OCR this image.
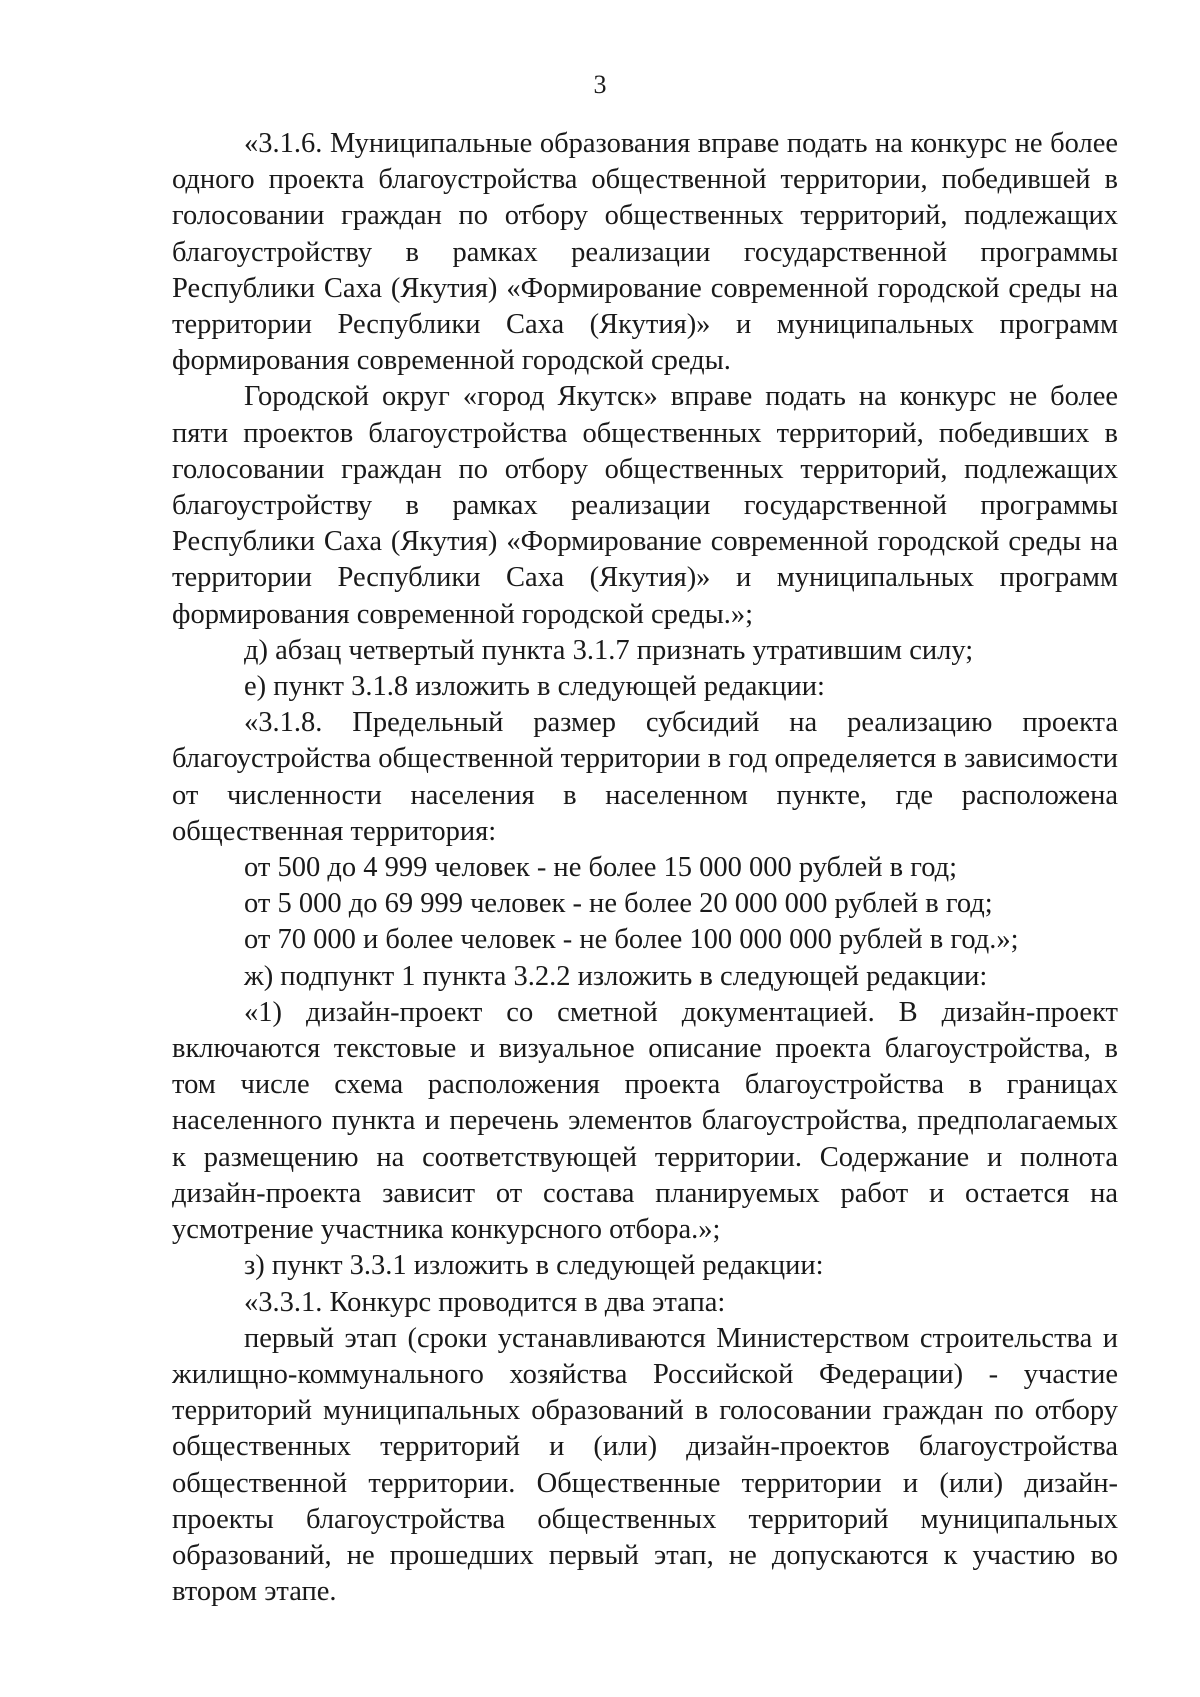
3

«3.1.6. Муниципальные образования вправе подать на конкурс не более одного проекта благоустройства общественной территории, победившей в голосовании граждан по отбору общественных территорий, подлежащих благоустройству в рамках реализации государственной программы Республики Саха (Якутия) «Формирование современной городской среды на территории Республики Саха (Якутия)» и муниципальных программ формирования современной городской среды.

Городской округ «город Якутск» вправе подать на конкурс не более пяти проектов благоустройства общественных территорий, победивших в голосовании граждан по отбору общественных территорий, подлежащих благоустройству в рамках реализации государственной программы Республики Саха (Якутия) «Формирование современной городской среды на территории Республики Саха (Якутия)» и муниципальных программ формирования современной городской среды.»;

д) абзац четвертый пункта 3.1.7 признать утратившим силу;

е) пункт 3.1.8 изложить в следующей редакции:

«3.1.8. Предельный размер субсидий на реализацию проекта благоустройства общественной территории в год определяется в зависимости от численности населения в населенном пункте, где расположена общественная территория:

от 500 до 4 999 человек - не более 15 000 000 рублей в год;

от 5 000 до 69 999 человек - не более 20 000 000 рублей в год;

от 70 000 и более человек - не более 100 000 000 рублей в год.»;

ж) подпункт 1 пункта 3.2.2 изложить в следующей редакции:

«1) дизайн-проект со сметной документацией. В дизайн-проект включаются текстовые и визуальное описание проекта благоустройства, в том числе схема расположения проекта благоустройства в границах населенного пункта и перечень элементов благоустройства, предполагаемых к размещению на соответствующей территории. Содержание и полнота дизайн-проекта зависит от состава планируемых работ и остается на усмотрение участника конкурсного отбора.»;

з) пункт 3.3.1 изложить в следующей редакции:

«3.3.1. Конкурс проводится в два этапа:

первый этап (сроки устанавливаются Министерством строительства и жилищно-коммунального хозяйства Российской Федерации) - участие территорий муниципальных образований в голосовании граждан по отбору общественных территорий и (или) дизайн-проектов благоустройства общественной территории. Общественные территории и (или) дизайн-проекты благоустройства общественных территорий муниципальных образований, не прошедших первый этап, не допускаются к участию во втором этапе.
